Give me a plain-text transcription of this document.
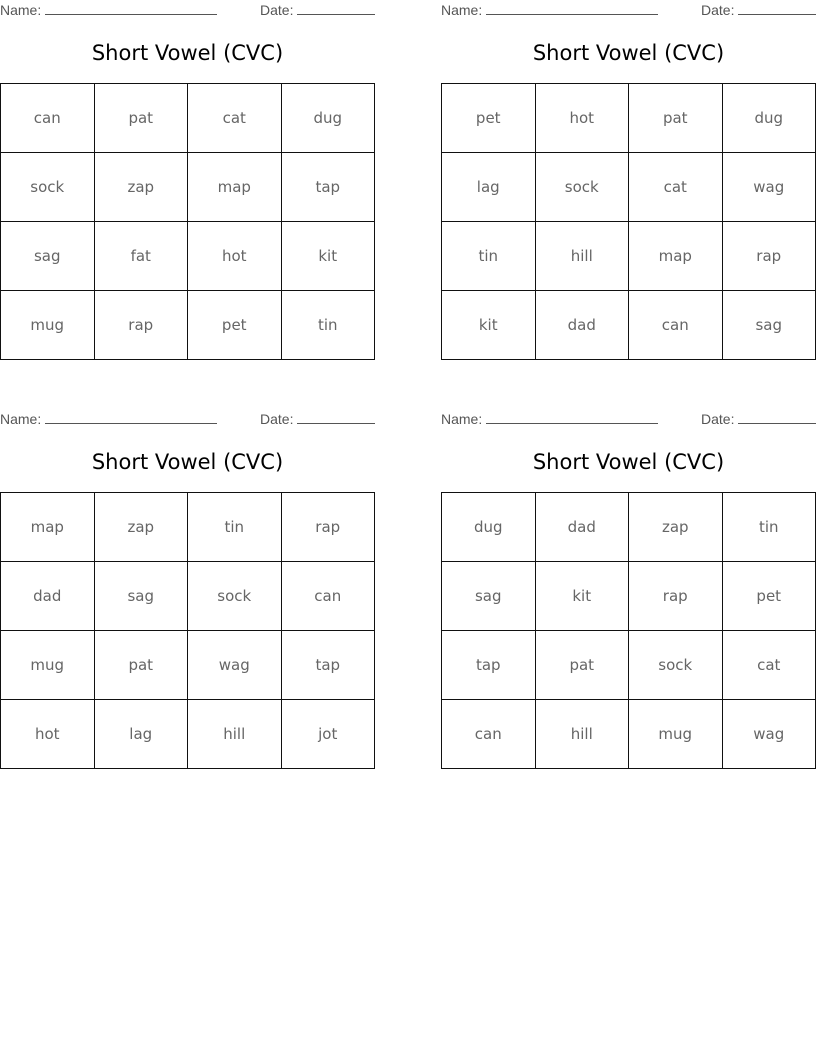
Name:	Date:
Short Vowel (CVC)
can	pat	cat	dug
sock	zap	map	tap
sag	fat	hot	kit
mug	rap	pet	tin
Name:	Date:
Short Vowel (CVC)
pet	hot	pat	dug
lag	sock	cat	wag
tin	hill	map	rap
kit	dad	can	sag
Name:	Date:
Short Vowel (CVC)
map	zap	tin	rap
dad	sag	sock	can
mug	pat	wag	tap
hot	lag	hill	jot
Name:	Date:
Short Vowel (CVC)
dug	dad	zap	tin
sag	kit	rap	pet
tap	pat	sock	cat
can	hill	mug	wag
